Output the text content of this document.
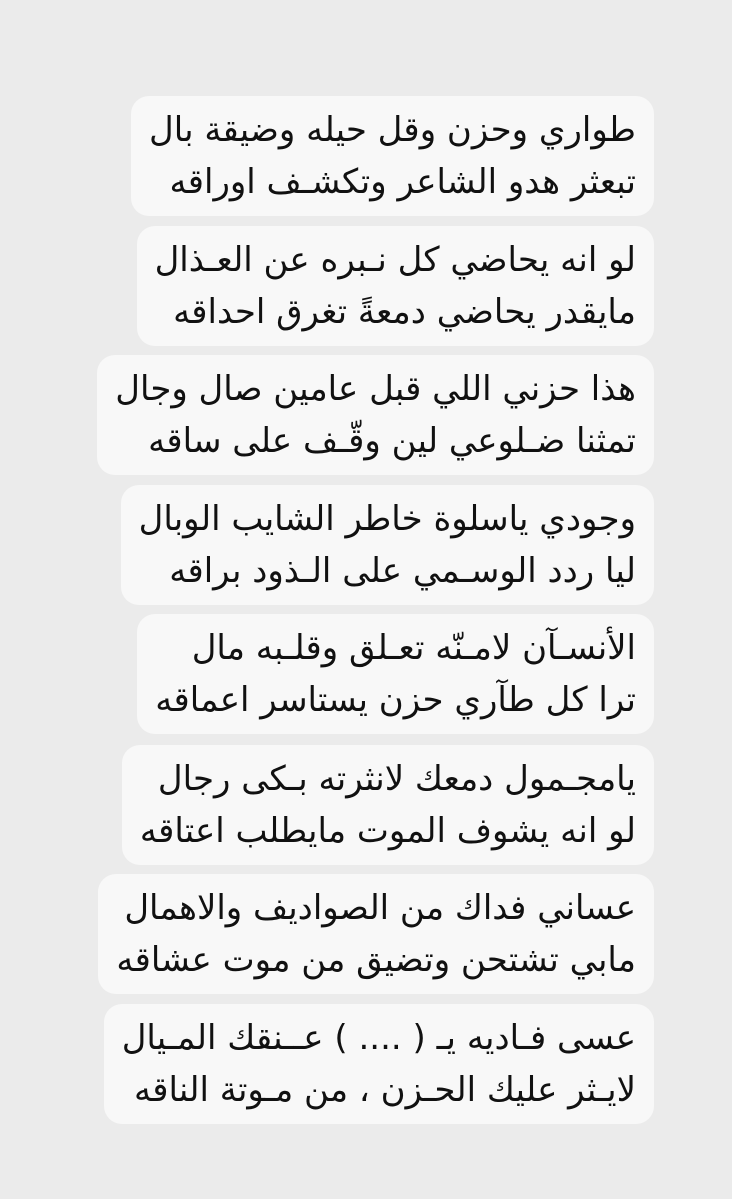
طواري وحزن وقل حيله وضيقة بال
تبعثر هدو الشاعر وتكشـف اوراقه
لو انه يحاضي كل نـبره عن العـذال
مايقدر يحاضي دمعةً تغرق احداقه
هذا حزني اللي قبل عامين صال وجال
تمثنا ضـلوعي لين وقّـف على ساقه
وجودي ياسلوة خاطر الشايب الوبال
ليا ردد الوسـمي على الـذود براقه
الأنسـآن لامـنّه تعـلق وقلـبه مال
ترا كل طآري حزن يستاسر اعماقه
يامجـمول دمعك لانثرته بـكى رجال
لو انه يشوف الموت مايطلب اعتاقه
عساني فداك من الصواديف والاهمال
مابي تشتحن وتضيق من موت عشاقه
عسى فـاديه يـ ( .... ) عــنقك المـيال
لايـثر عليك الحـزن ، من مـوتة الناقه
